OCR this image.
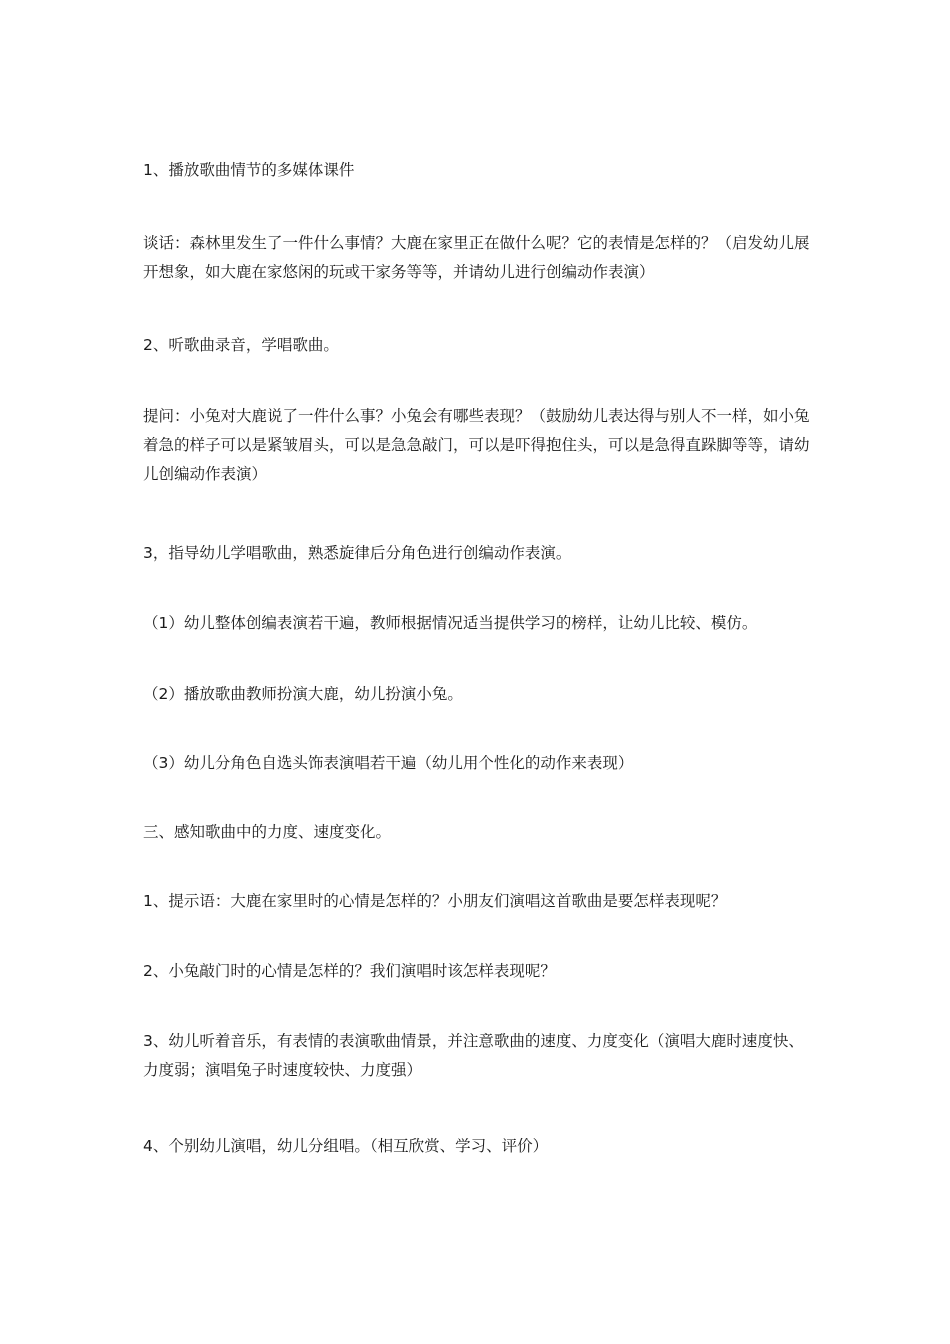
1、播放歌曲情节的多媒体课件

谈话：森林里发生了一件什么事情？大鹿在家里正在做什么呢？它的表情是怎样的？（启发幼儿展开想象，如大鹿在家悠闲的玩或干家务等等，并请幼儿进行创编动作表演）

2、听歌曲录音，学唱歌曲。

提问：小兔对大鹿说了一件什么事？小兔会有哪些表现？（鼓励幼儿表达得与别人不一样，如小兔着急的样子可以是紧皱眉头，可以是急急敲门，可以是吓得抱住头，可以是急得直跺脚等等，请幼儿创编动作表演）

3，指导幼儿学唱歌曲，熟悉旋律后分角色进行创编动作表演。

（1）幼儿整体创编表演若干遍，教师根据情况适当提供学习的榜样，让幼儿比较、模仿。

（2）播放歌曲教师扮演大鹿，幼儿扮演小兔。

（3）幼儿分角色自选头饰表演唱若干遍（幼儿用个性化的动作来表现）

三、感知歌曲中的力度、速度变化。

1、提示语：大鹿在家里时的心情是怎样的？小朋友们演唱这首歌曲是要怎样表现呢？

2、小兔敲门时的心情是怎样的？我们演唱时该怎样表现呢？

3、幼儿听着音乐，有表情的表演歌曲情景，并注意歌曲的速度、力度变化（演唱大鹿时速度快、力度弱；演唱兔子时速度较快、力度强）

4、个别幼儿演唱，幼儿分组唱。（相互欣赏、学习、评价）
